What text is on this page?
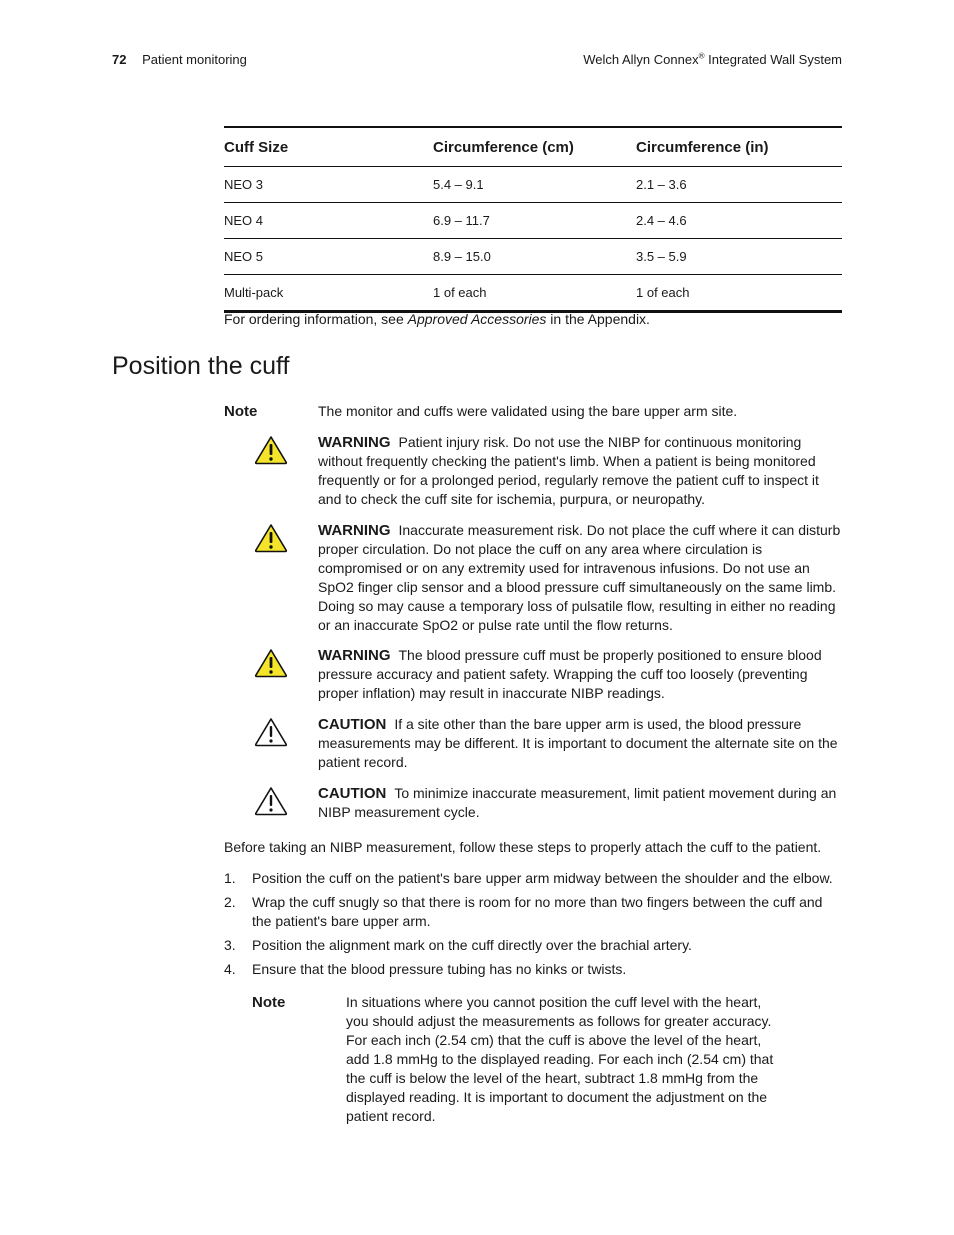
72 Patient monitoring	Welch Allyn Connex® Integrated Wall System
Cuff Size	Circumference (cm)	Circumference (in)
NEO 3	5.4 – 9.1	2.1 – 3.6
NEO 4	6.9 – 11.7	2.4 – 4.6
NEO 5	8.9 – 15.0	3.5 – 5.9
Multi-pack	1 of each	1 of each
For ordering information, see Approved Accessories in the Appendix.
Position the cuff
Note	The monitor and cuffs were validated using the bare upper arm site.
WARNING Patient injury risk. Do not use the NIBP for continuous monitoring without frequently checking the patient's limb. When a patient is being monitored frequently or for a prolonged period, regularly remove the patient cuff to inspect it and to check the cuff site for ischemia, purpura, or neuropathy.
WARNING Inaccurate measurement risk. Do not place the cuff where it can disturb proper circulation. Do not place the cuff on any area where circulation is compromised or on any extremity used for intravenous infusions. Do not use an SpO2 finger clip sensor and a blood pressure cuff simultaneously on the same limb. Doing so may cause a temporary loss of pulsatile flow, resulting in either no reading or an inaccurate SpO2 or pulse rate until the flow returns.
WARNING The blood pressure cuff must be properly positioned to ensure blood pressure accuracy and patient safety. Wrapping the cuff too loosely (preventing proper inflation) may result in inaccurate NIBP readings.
CAUTION If a site other than the bare upper arm is used, the blood pressure measurements may be different. It is important to document the alternate site on the patient record.
CAUTION To minimize inaccurate measurement, limit patient movement during an NIBP measurement cycle.
Before taking an NIBP measurement, follow these steps to properly attach the cuff to the patient.
1. Position the cuff on the patient's bare upper arm midway between the shoulder and the elbow.
2. Wrap the cuff snugly so that there is room for no more than two fingers between the cuff and the patient's bare upper arm.
3. Position the alignment mark on the cuff directly over the brachial artery.
4. Ensure that the blood pressure tubing has no kinks or twists.
Note	In situations where you cannot position the cuff level with the heart, you should adjust the measurements as follows for greater accuracy. For each inch (2.54 cm) that the cuff is above the level of the heart, add 1.8 mmHg to the displayed reading. For each inch (2.54 cm) that the cuff is below the level of the heart, subtract 1.8 mmHg from the displayed reading. It is important to document the adjustment on the patient record.
